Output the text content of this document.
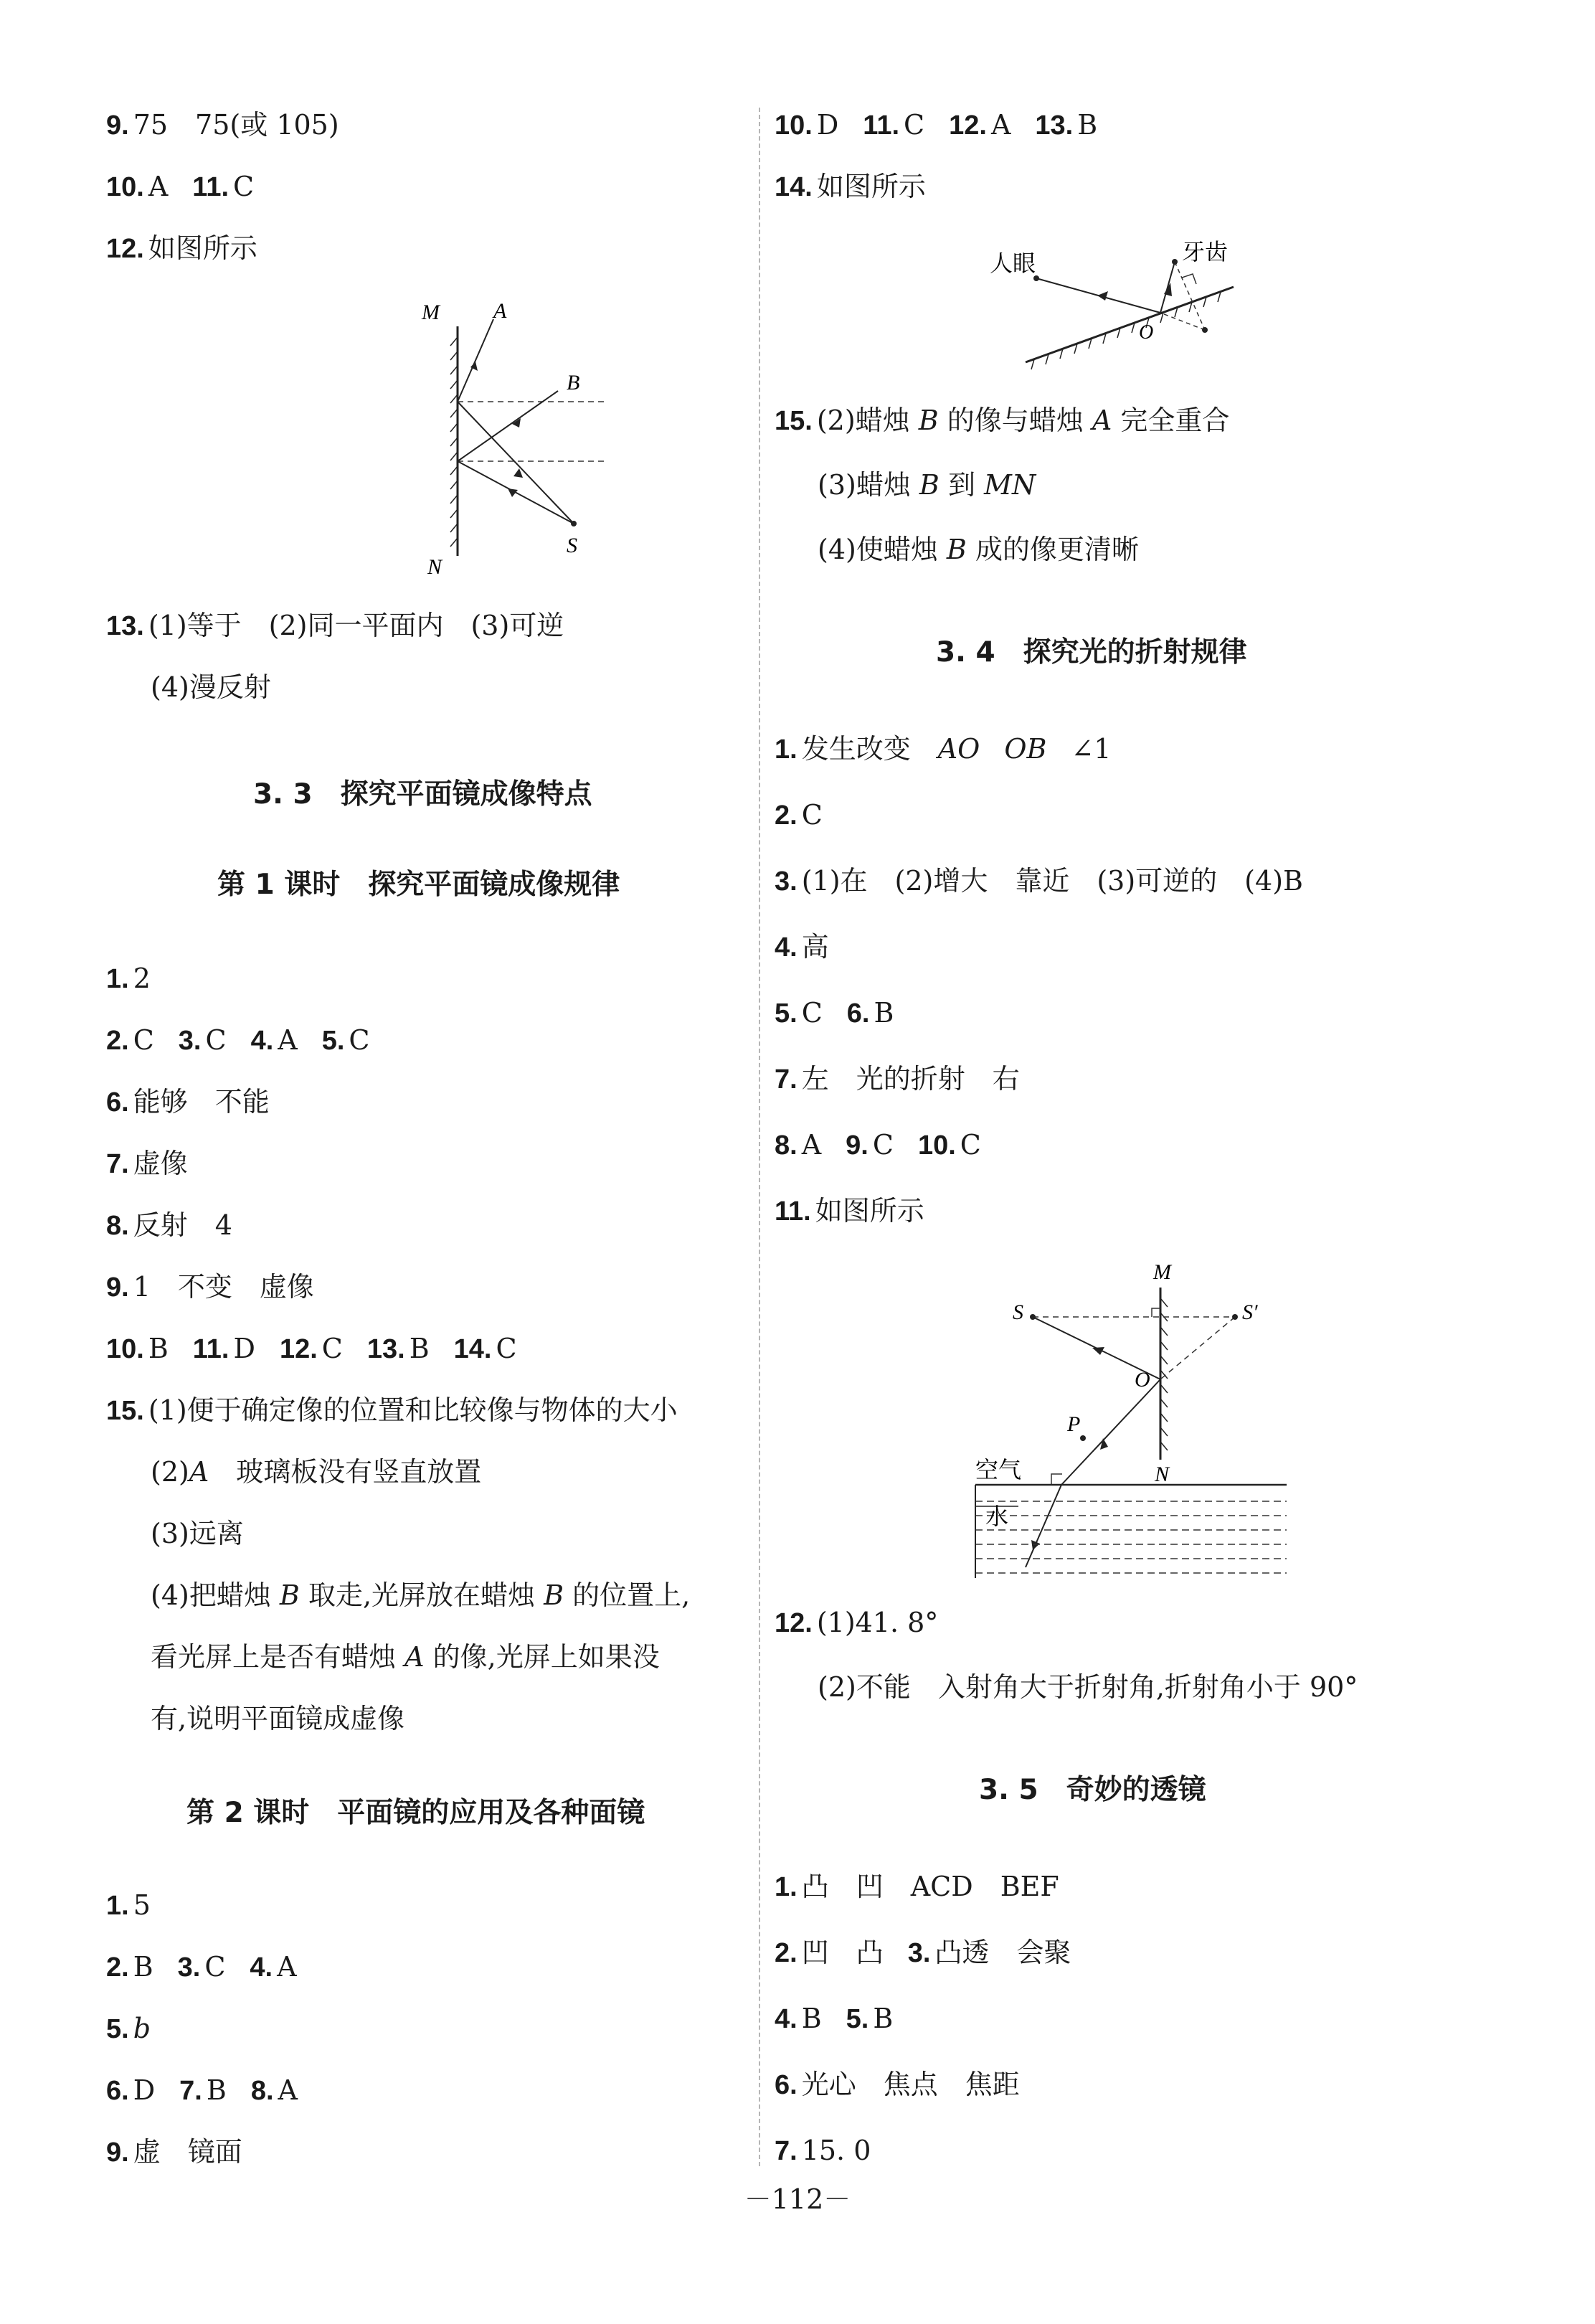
9. 75　75(或 105)
10. A 11. C
12. 如图所示
M	A
B
N
S
13. (1)等于　(2)同一平面内　(3)可逆
(4)漫反射
3. 3　探究平面镜成像特点
第 1 课时　探究平面镜成像规律
1. 2
2. C 3. C 4. A 5. C
6. 能够　不能
7. 虚像
8. 反射　4
9. 1　不变　虚像
10. B 11. D 12. C 13. B 14. C
15. (1)便于确定像的位置和比较像与物体的大小
(2)A　玻璃板没有竖直放置
(3)远离
(4)把蜡烛 B 取走,光屏放在蜡烛 B 的位置上,
看光屏上是否有蜡烛 A 的像,光屏上如果没
有,说明平面镜成虚像
第 2 课时　平面镜的应用及各种面镜
1. 5
2. B 3. C 4. A
5. b
6. D 7. B 8. A
9. 虚　镜面
10. D 11. C 12. A 13. B
14. 如图所示
人眼	牙齿
O
15. (2)蜡烛 B 的像与蜡烛 A 完全重合
(3)蜡烛 B 到 MN
(4)使蜡烛 B 成的像更清晰
3. 4　探究光的折射规律
1. 发生改变　AO OB ∠1
2. C
3. (1)在　(2)增大　靠近　(3)可逆的　(4)B
4. 高
5. C 6. B
7. 左　光的折射　右
8. A 9. C 10. C
11. 如图所示
M
S	S′
O
P
N
空气
水
12. (1)41. 8°
(2)不能　入射角大于折射角,折射角小于 90°
3. 5　奇妙的透镜
1. 凸　凹　ACD　BEF
2. 凹　凸 3. 凸透　会聚
4. B 5. B
6. 光心　焦点　焦距
7. 15. 0
－112－
